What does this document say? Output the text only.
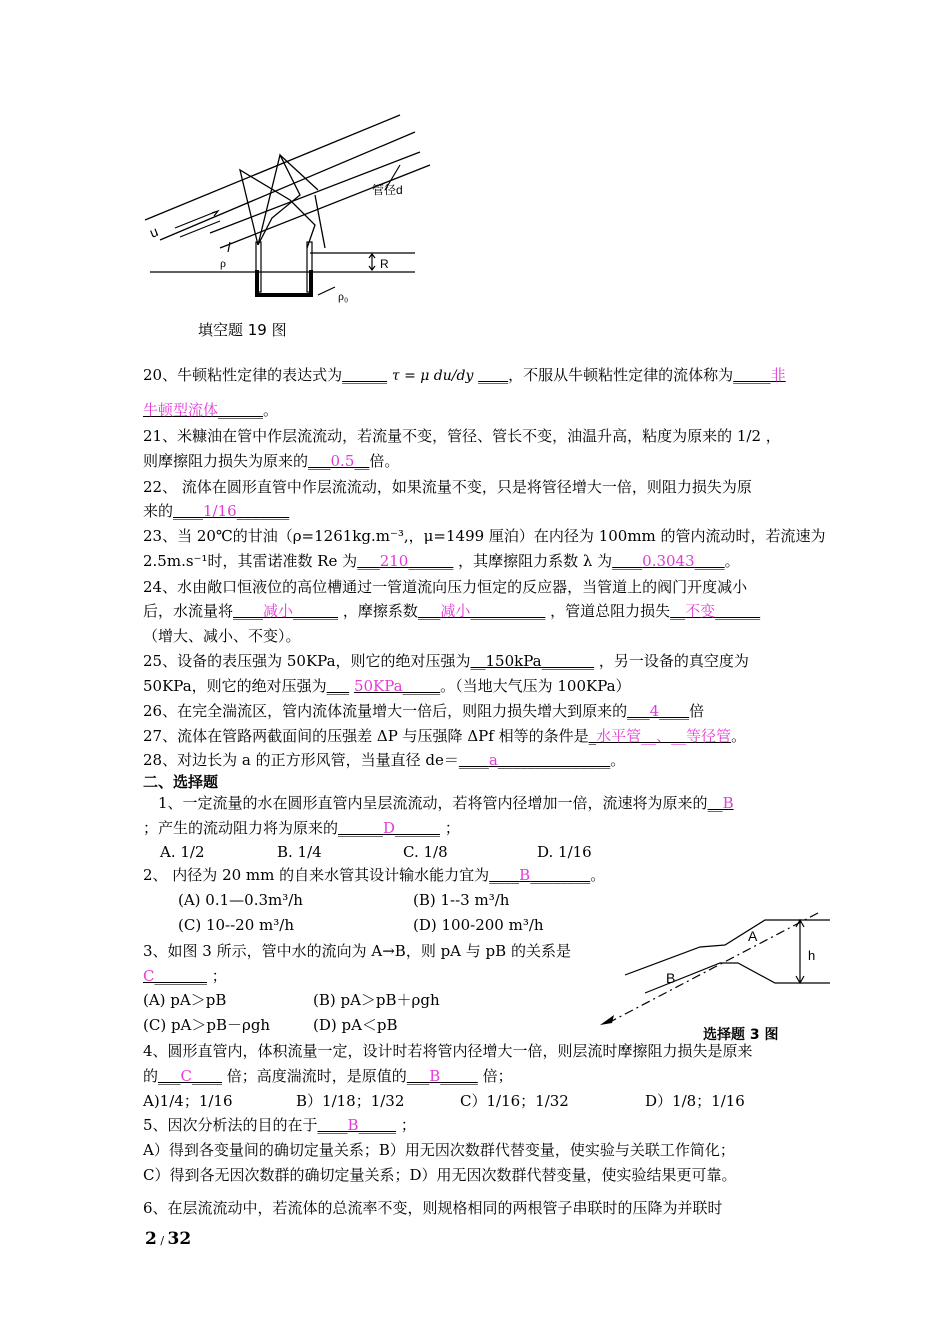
u
管径d
ρ	R
ρ₀
填空题 19 图
20、牛顿粘性定律的表达式为______ τ = μ du/dy ____，不服从牛顿粘性定律的流体称为_____非
牛顿型流体______。
21、米糠油在管中作层流流动，若流量不变，管径、管长不变，油温升高，粘度为原来的 1/2 ，
则摩擦阻力损失为原来的___0.5__倍。
22、 流体在圆形直管中作层流流动，如果流量不变，只是将管径增大一倍，则阻力损失为原
来的____1/16_______
23、当 20℃的甘油（ρ=1261kg.m⁻³,，μ=1499 厘泊）在内径为 100mm 的管内流动时，若流速为
2.5m.s⁻¹时，其雷诺准数 Re 为___210______ ，其摩擦阻力系数 λ 为____0.3043____。
24、水由敞口恒液位的高位槽通过一管道流向压力恒定的反应器，当管道上的阀门开度减小
后，水流量将____减小______ ，摩擦系数___减小__________ ，管道总阻力损失__不变______
（增大、减小、不变）。
25、设备的表压强为 50KPa，则它的绝对压强为__150kPa_______ ，另一设备的真空度为
50KPa，则它的绝对压强为___ 50KPa_____。（当地大气压为 100KPa）
26、在完全湍流区，管内流体流量增大一倍后，则阻力损失增大到原来的___4____倍
27、流体在管路两截面间的压强差 ΔP 与压强降 ΔPf 相等的条件是_水平管__、__等径管。
28、对边长为 a 的正方形风管，当量直径 de＝____a_______________。
二、选择题
1、一定流量的水在圆形直管内呈层流流动，若将管内径增加一倍，流速将为原来的__B
；产生的流动阻力将为原来的______D______ ；
A. 1/2	B. 1/4	C. 1/8	D. 1/16
2、 内径为 20 mm 的自来水管其设计输水能力宜为____B________。
(A) 0.1—0.3m³/h	(B) 1--3 m³/h
(C) 10--20 m³/h	(D) 100-200 m³/h
3、如图 3 所示，管中水的流向为 A→B，则 pA 与 pB 的关系是
C_______ ；
(A) pA＞pB	(B) pA＞pB＋ρgh
(C) pA＞pB－ρgh	(D) pA＜pB
A
B
h
选择题 3 图
4、圆形直管内，体积流量一定，设计时若将管内径增大一倍，则层流时摩擦阻力损失是原来
的___C____ 倍；高度湍流时，是原值的___B_____ 倍；
A)1/4；1/16	B）1/18；1/32	C）1/16；1/32	D）1/8；1/16
5、因次分析法的目的在于____B_____ ；
A）得到各变量间的确切定量关系；B）用无因次数群代替变量，使实验与关联工作简化；
C）得到各无因次数群的确切定量关系；D）用无因次数群代替变量，使实验结果更可靠。
6、在层流流动中，若流体的总流率不变，则规格相同的两根管子串联时的压降为并联时
2 / 32
